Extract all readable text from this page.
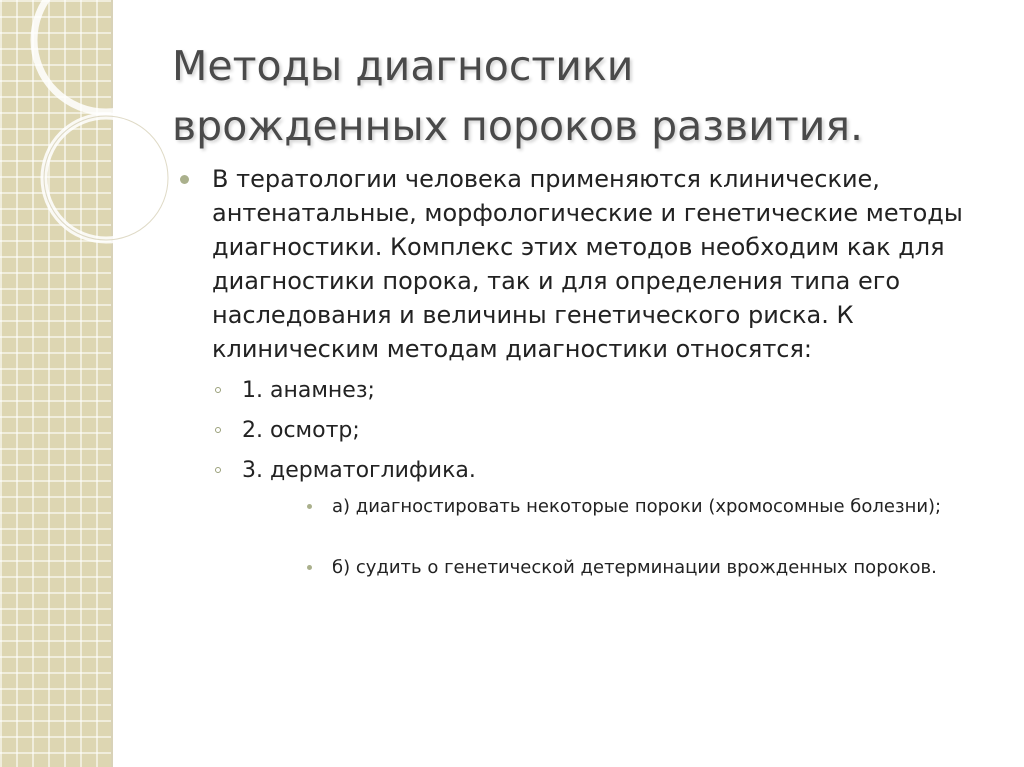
Методы диагностики
врожденных пороков развития.
В тератологии человека применяются клинические, антенатальные, морфологические и генетические методы диагностики. Комплекс этих методов необходим как для диагностики порока, так и для определения типа его наследования и величины генетического риска. К клиническим методам диагностики относятся:
1. анамнез;
2. осмотр;
3. дерматоглифика.
а) диагностировать некоторые пороки (хромосомные болезни);
б) судить о генетической детерминации врожденных пороков.
